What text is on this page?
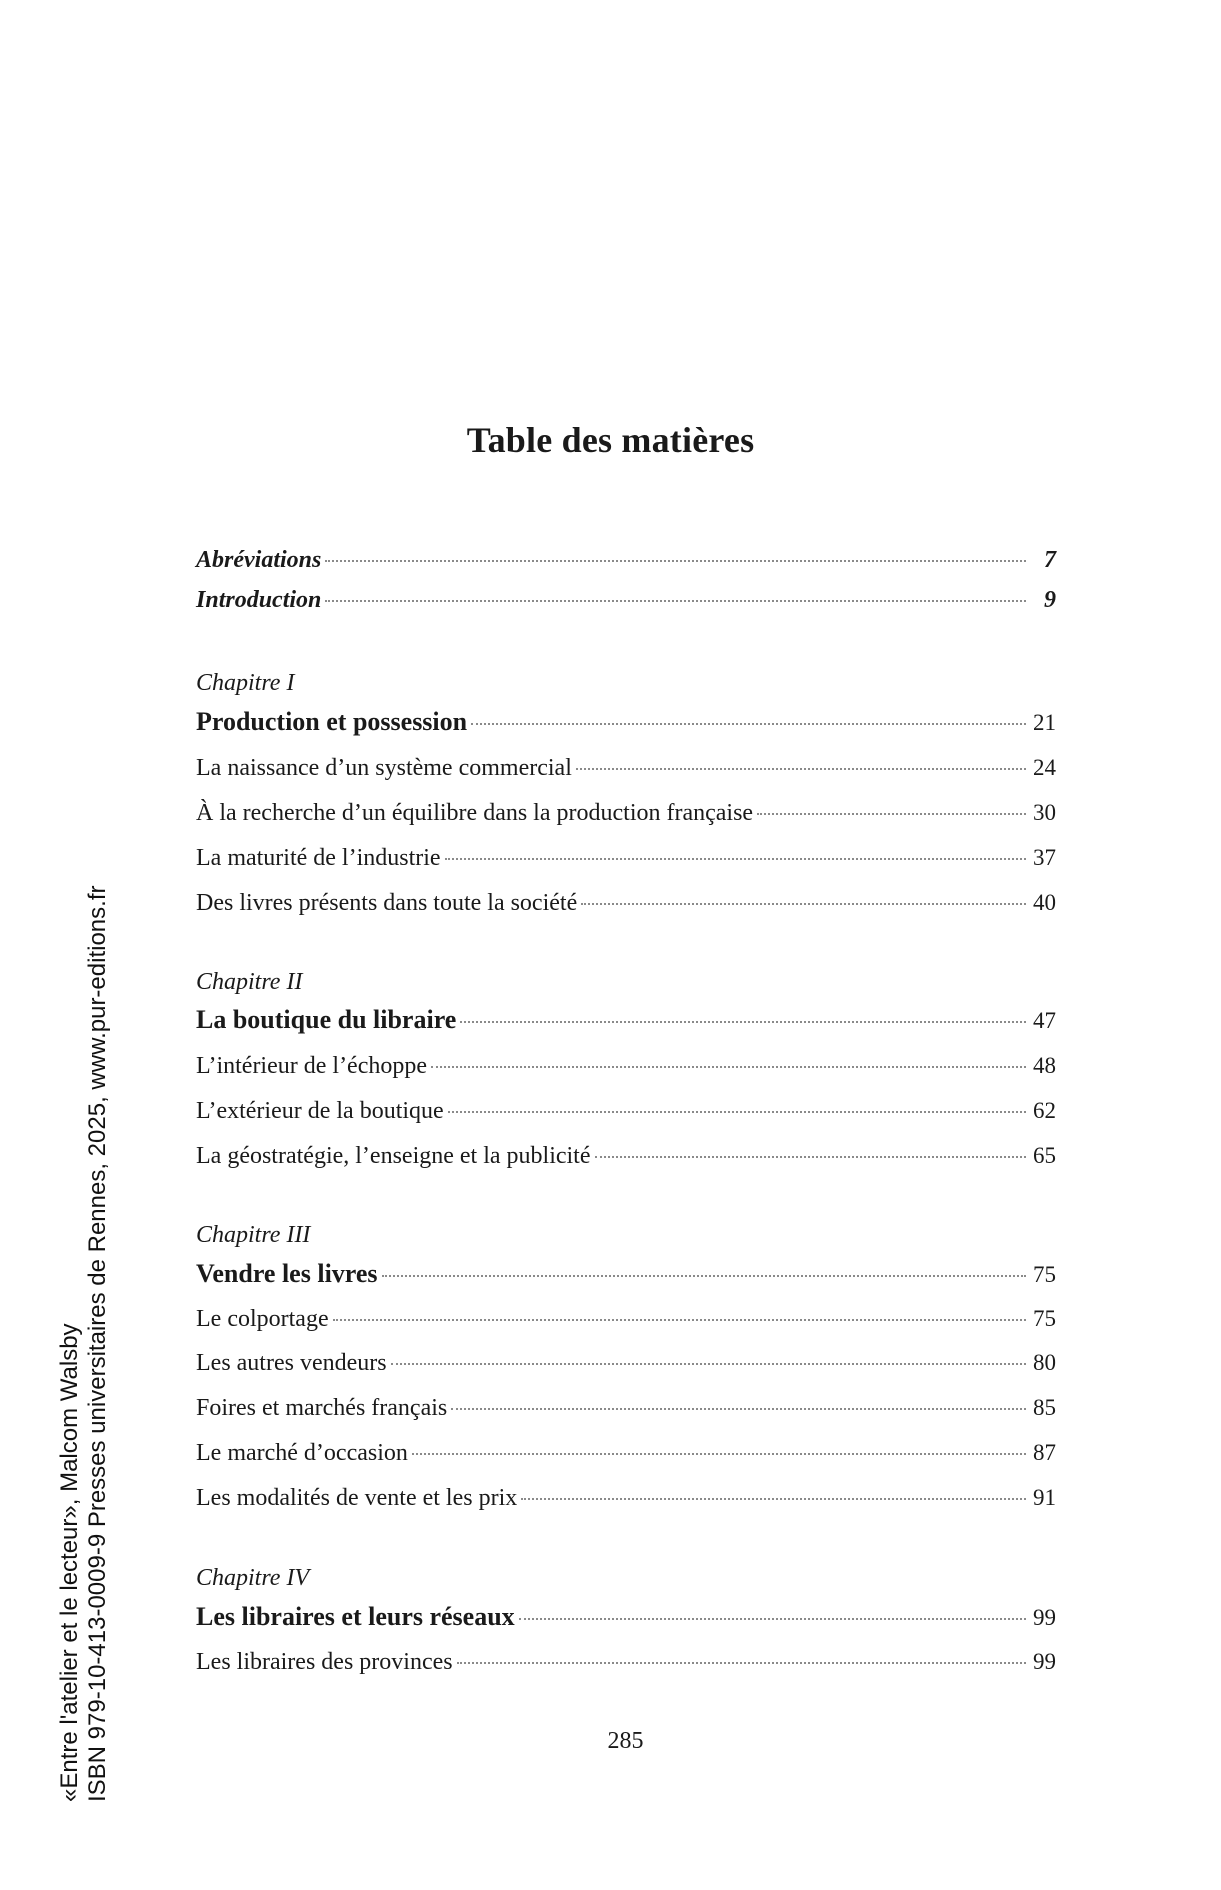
Table des matières
Abréviations	7
Introduction	9
Chapitre I
Production et possession	21
La naissance d’un système commercial	24
À la recherche d’un équilibre dans la production française	30
La maturité de l’industrie	37
Des livres présents dans toute la société	40
Chapitre II
La boutique du libraire	47
L’intérieur de l’échoppe	48
L’extérieur de la boutique	62
La géostratégie, l’enseigne et la publicité	65
Chapitre III
Vendre les livres	75
Le colportage	75
Les autres vendeurs	80
Foires et marchés français	85
Le marché d’occasion	87
Les modalités de vente et les prix	91
Chapitre IV
Les libraires et leurs réseaux	99
Les libraires des provinces	99
285
«Entre l'atelier et le lecteur», Malcom Walsby ISBN 979-10-413-0009-9 Presses universitaires de Rennes, 2025, www.pur-editions.fr
